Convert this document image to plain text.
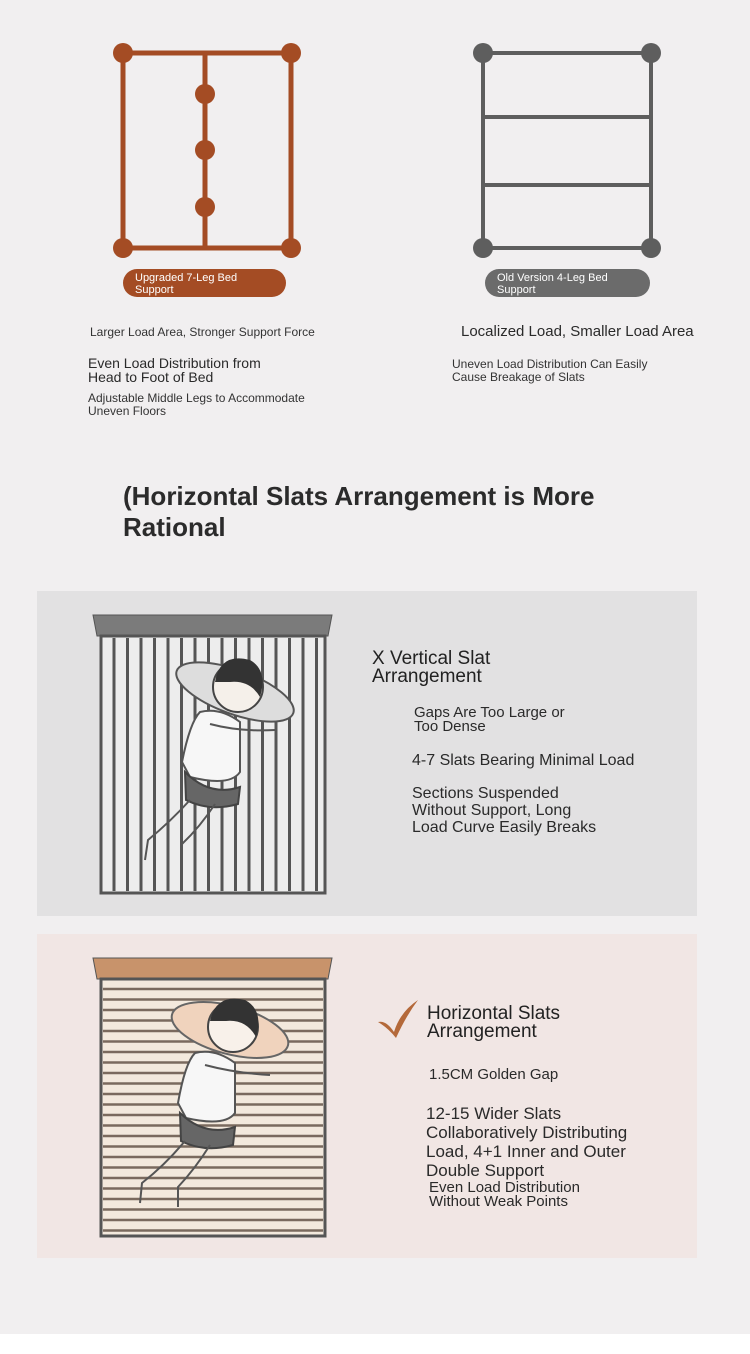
Upgraded 7-Leg Bed Support
Old Version 4-Leg Bed Support
Larger Load Area, Stronger Support Force
Even Load Distribution from Head to Foot of Bed
Adjustable Middle Legs to Accommodate Uneven Floors
Localized Load, Smaller Load Area
Uneven Load Distribution Can Easily Cause Breakage of Slats
(Horizontal Slats Arrangement is More Rational
X Vertical Slat Arrangement
Gaps Are Too Large or Too Dense
4-7 Slats Bearing Minimal Load
Sections Suspended Without Support, Long Load Curve Easily Breaks
Horizontal Slats Arrangement
1.5CM Golden Gap
12-15 Wider Slats Collaboratively Distributing Load, 4+1 Inner and Outer Double Support
Even Load Distribution Without Weak Points
